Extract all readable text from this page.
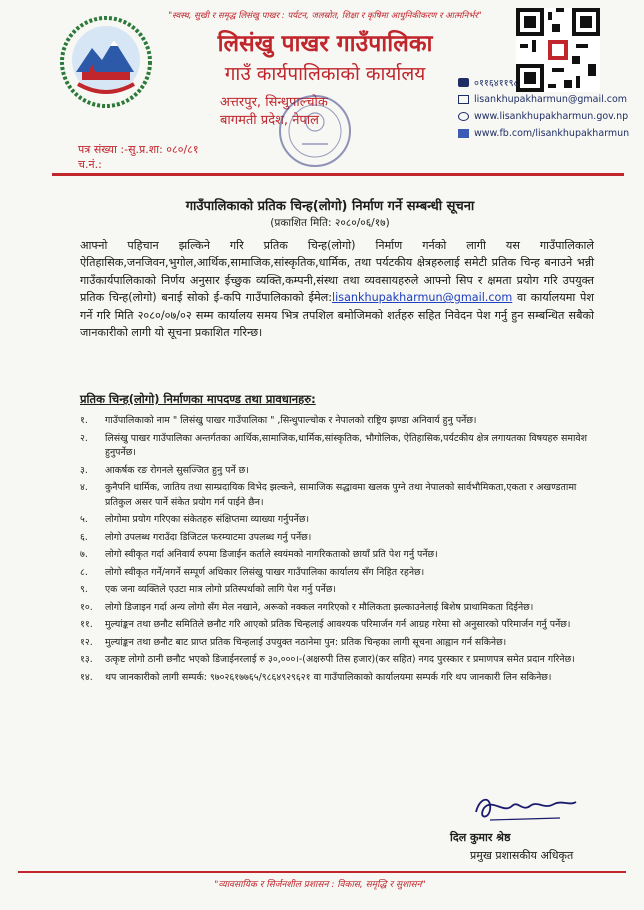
"स्वस्थ, सुखी र समृद्ध लिसंखु पाखर : पर्यटन, जलस्रोत, शिक्षा र कृषिमा आधुनिकीकरण र आत्मनिर्भर"
लिसंखु पाखर गाउँपालिका
गाउँ कार्यपालिकाको कार्यालय
अत्तरपुर, सिन्धुपाल्चोक
बागमती प्रदेश, नेपाल
०११६४११९८
lisankhupakharmun@gmail.com
www.lisankhupakharmun.gov.np
www.fb.com/lisankhupakharmun
पत्र संख्या :-सु.प्र.शा: ०८०/८१
च.नं.:
गाउँपालिकाको प्रतिक चिन्ह(लोगो) निर्माण गर्ने सम्बन्धी सूचना
(प्रकाशित मिति: २०८०/०६/१७)
आफ्नो पहिचान झल्किने गरि प्रतिक चिन्ह(लोगो) निर्माण गर्नको लागी यस गाउँपालिकाले ऐतिहासिक,जनजिवन,भुगोल,आर्थिक,सामाजिक,सांस्कृतिक,धार्मिक, तथा पर्यटकीय क्षेत्रहरुलाई समेटी प्रतिक चिन्ह बनाउने भन्नी गाउँकार्यपालिकाको निर्णय अनुसार ईच्छुक व्यक्ति,कम्पनी,संस्था तथा व्यवसायहरुले आफ्नो सिप र क्षमता प्रयोग गरि उपयुक्त प्रतिक चिन्ह(लोगो) बनाई सोको ई-कपि गाउँपालिकाको ईमेल:lisankhupakharmun@gmail.com वा कार्यालयमा पेश गर्ने गरि मिति २०८०/०७/०२ सम्म कार्यालय समय भित्र तपशिल बमोजिमको शर्तहरु सहित निवेदन पेश गर्नु हुन सम्बन्धित सबैको जानकारीको लागी यो सूचना प्रकाशित गरिन्छ।
प्रतिक चिन्ह(लोगो) निर्माणका मापदण्ड तथा प्रावधानहरु:
१.	गाउँपालिकाको नाम " लिसंखु पाखर गाउँपालिका " ,सिन्धुपाल्चोक र नेपालको राष्ट्रिय झण्डा अनिवार्य हुनु पर्नेछ।
२.	लिसंखु पाखर गाउँपालिका अन्तर्गतका आर्थिक,सामाजिक,धार्मिक,सांस्कृतिक, भौगोलिक, ऐतिहासिक,पर्यटकीय क्षेत्र लगायतका विषयहरु समावेश हुनुपर्नेछ।
३.	आकर्षक रङ रोगनले सुसज्जित हुनु पर्ने छ।
४.	कुनैपनि धार्मिक, जातिय तथा साम्प्रदायिक विभेद झल्कने, सामाजिक सद्धावमा खलक पुग्ने तथा नेपालको सार्वभौमिकता,एकता र अखण्डतामा प्रतिकुल असर पार्ने संकेत प्रयोग गर्न पाईने छैन।
५.	लोगोमा प्रयोग गरिएका संकेतहरु संक्षिप्तमा व्याख्या गर्नुपर्नेछ।
६.	लोगो उपलब्ध गराउँदा डिजिटल फरम्याटमा उपलब्ध गर्नु पर्नेछ।
७.	लोगो स्वीकृत गर्दा अनिवार्य रुपमा डिजाईन कर्ताले स्वयंमको नागरिकताको छायाँ प्रति पेश गर्नु पर्नेछ।
८.	लोगो स्वीकृत गर्ने/नगर्ने सम्पूर्ण अधिकार लिसंखु पाखर गाउँपालिका कार्यालय सँग निहित रहनेछ।
९.	एक जना व्यक्तिले एउटा मात्र लोगो प्रतिस्पर्धाको लागि पेश गर्नु पर्नेछ।
१०.	लोगो डिजाइन गर्दा अन्य लोगो सँग मेल नखाने, अरूको नक्कल नगरिएको र मौलिकता झल्काउनेलाई बिशेष प्राथामिकता दिईनेछ।
११.	मुल्यांङ्कन तथा छनौट समितिले छनौट गरि आएको प्रतिक चिन्हलाई आवश्यक परिमार्जन गर्न आग्रह गरेमा सो अनुसारको परिमार्जन गर्नु पर्नेछ।
१२.	मुल्यांङ्कन तथा छनौट बाट प्राप्त प्रतिक चिन्हलाई उपयुक्त नठानेमा पुन: प्रतिक चिन्हका लागी सूचना आह्वान गर्न सकिनेछ।
१३.	उत्कृष्ट लोगो ठानी छनौट भएको डिजाईनरलाई रु ३०,०००।-(अक्षरुपी तिस हजार)(कर सहित) नगद पुरस्कार र प्रमाणपत्र समेत प्रदान गरिनेछ।
१४.	थप जानकारीको लागी सम्पर्क: ९७०२६१७७६५/९८६४९२९६२१ वा गाउँपालिकाको कार्यालयमा सम्पर्क गरि थप जानकारी लिन सकिनेछ।
दिल कुमार श्रेष्ठ
प्रमुख प्रशासकीय अधिकृत
"व्यावसायिक र सिर्जनशील प्रशासन : विकास, समृद्धि र सुशासन"
